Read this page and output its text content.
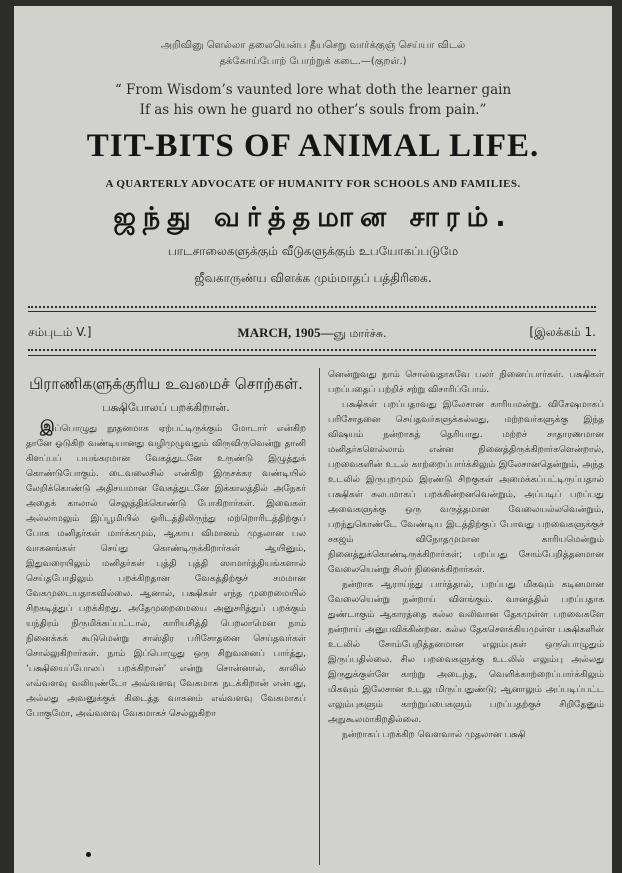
அறிவினு ளெல்லா தலையென்ப தீயசெறு வார்க்குஞ் செய்யா விடல்
தக்கோய்போற் போற்றுக் கடை.—(குறள்.)
“ From Wisdom’s vaunted lore what doth the learner gain
If as his own he guard no other’s souls from pain.”
TIT-BITS OF ANIMAL LIFE.
A QUARTERLY ADVOCATE OF HUMANITY FOR SCHOOLS AND FAMILIES.
ஜந்து வர்த்தமான சாரம்.
பாடசாலைகளுக்கும் வீடுகளுக்கும் உபயோகப்படுமே
ஜீவகாருண்ய விளக்க மும்மாதப் பத்திரிகை.
சம்புடம் V.]	MARCH, 1905—ஞு மார்ச்சு.	[இலக்கம் 1.
பிராணிகளுக்குரிய உவமைச் சொற்கள்.
பக்ஷிபோலப் பறக்கிறான்.

இப்பொழுது நூதனமாக ஏற்பட்டிருக்கும் மோடார் என்கிற தானே ஓடுகிற வண்டியானது வழிமுழுவதும் விருவிருவென்று தானி கிளப்பப் பயங்கரமான வேகத்துடனே உருண்டு இழுத்துக் கொண்டுபோகும். டைவலைசில் என்கிற இருசக்கர வண்டியில் லேறிக்கொண்டு அதிசயமான வேகத்துடனே இக்காலத்தில் அநேகர் அதைக் காலால் செலுத்திக்கொண்டு போகிறார்கள். இவைகள் அல்லாமலும் இப்பூமியில் ஓரிடத்திலிருந்து மற்றொரிடத்திற்குப் போக மனிதர்கள் மார்க்கமும், ஆகாய விமானம் முதலான பல வாகனங்கள் செய்து கொண்டிருக்கிறார்கள் ஆயினும், இதுவரையிலும் மனிதர்கள் புத்தி புத்தி ஸாமார்த்தியங்களால் செய்தபோதிலும் பறக்கிறதான வேகத்திற்குச் சமமான வேகமுடையதாகவில்லை. ஆனால், பக்ஷிகள் எந்த முறைமையில் சிறகடித்துப் பறக்கிறது, அதேமுறைமையை அனுசரித்துப் பறக்கும் யந்திரம் நிருமிக்கப்பட்டால், காரியசித்தி பெறலாமென நாம் நினைக்கக் கூடுமென்று சாஸ்திர பரிசோதனை செய்தவர்கள் சொல்லுகிறார்கள். நாம் இப்பொழுது ஒரு சிறுவனைப் பார்த்து, ‘பக்ஷியைப்போலப் பறக்கிறான்’ என்று சொன்னால், காலில் எவ்வளவு வலியுண்டோ அவ்வளவு வேகமாக நடக்கிறான் என்பது, அல்லது அவனுக்குக் கிடைத்த வாகனம் எவ்வளவு வேகமாகப் போகுமோ, அவ்வளவு வேகமாகச் செல்லுகிறா

னென்றுவது நாம் சொல்வதாகவே பலர் நினைப்பார்கள். பக்ஷிகள் பறப்பதைப் பற்றிச் சற்று விசாரிப்போம்.

பக்ஷிகள் பறப்பதாவது இலேசான காரியமன்று. விசேஷமாகப் பரிசோதனை செய்தவர்களுக்கல்லது, மற்றவர்களுக்கு இந்த விஷயம் நன்றாகத் தெரியாது. மற்றச் சாதாரணமான மனிதர்களெல்லாம் என்ன நினைத்திருக்கிறார்களென்றால், பறவைகளின் உடல் காற்றைப்பார்க்கிலும் இலேசானதென்றும், அந்த உடலில் இருபுறமும் இரண்டு சிறகுகள் அமைக்கப்பட்டிருப்பதால் பக்ஷிகள் சுலபமாகப் பறக்கின்றனவென்றும், அப்படிப் பறப்பது அவைகளுக்கு ஒரு வருத்தமான வேலையல்லவென்றும், பறந்துகொண்டே வேண்டிய இடத்திற்குப் போவது பறவைகளுக்குச் சகஜம் விநோதமுமான காரியமென்றும் நினைத்துக்கொண்டிருக்கிறார்கள்; பறப்பது சோம்பேறித்தனமான வேலையென்று சிலர் நினைக்கிறார்கள்.

நன்றாக ஆராய்ந்து பார்த்தால், பறப்பது மிகவும் கடினமான வேலையென்று நன்றாய் விளங்கும். வானத்தில் பறப்பதாக துண்டாகும் ஆகாரத்தை கல்ல வலிவான தேகமுள்ள பறவைகளே நன்றாய் அனுபவிக்கின்றன. கல்ல தேகசௌக்கியமுள்ள பக்ஷிகளின் உடலில் சோம்பேறித்தனமான எலும்புகள் ஒருபொழுதும் இருப்பதில்லை. சில பறவைகளுக்கு உடலில் எலும்பு அல்லது இருதுக்குள்ளே காற்று அடைந்த, வெளிக்காற்றைப்பார்க்கிலும் மிகவும் இலேசான உடலு மிருப்பதுண்டு; ஆனாலும் அப்படிப்பட்ட எலும்புகளும் காற்றுப்பைகளும் பறப்பதற்குச் சிறிதேனும் அநுகூலமாகிறதில்லை.

நன்றாகப் பறக்கிற வௌவால் முதலான பக்ஷி
